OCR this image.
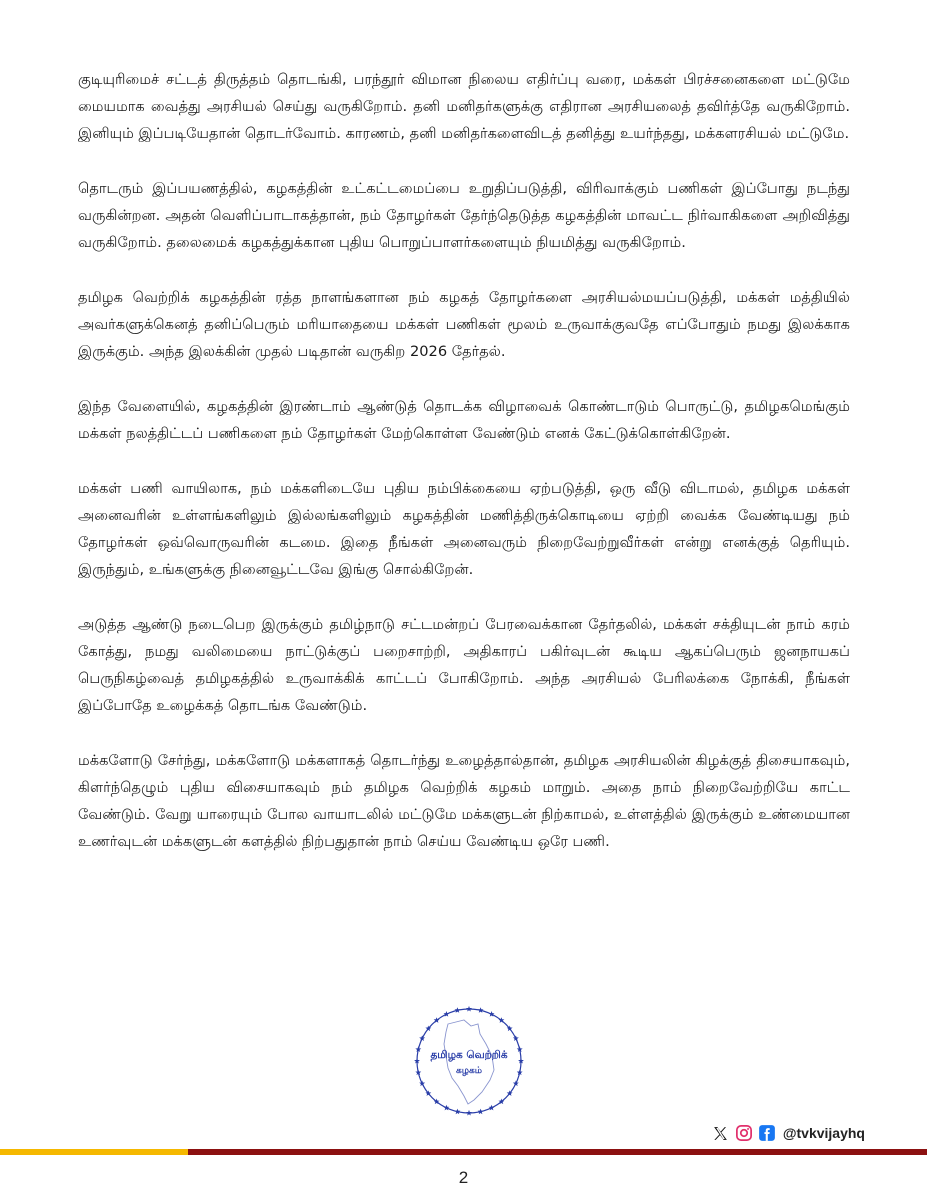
குடியுரிமைச் சட்டத் திருத்தம் தொடங்கி, பரந்தூர் விமான நிலைய எதிர்ப்பு வரை, மக்கள் பிரச்சனைகளை மட்டுமே மையமாக வைத்து அரசியல் செய்து வருகிறோம். தனி மனிதர்களுக்கு எதிரான அரசியலைத் தவிர்த்தே வருகிறோம். இனியும் இப்படியேதான் தொடர்வோம். காரணம், தனி மனிதர்களைவிடத் தனித்து உயர்ந்தது, மக்களரசியல் மட்டுமே.

தொடரும் இப்பயணத்தில், கழகத்தின் உட்கட்டமைப்பை உறுதிப்படுத்தி, விரிவாக்கும் பணிகள் இப்போது நடந்து வருகின்றன. அதன் வெளிப்பாடாகத்தான், நம் தோழர்கள் தேர்ந்தெடுத்த கழகத்தின் மாவட்ட நிர்வாகிகளை அறிவித்து வருகிறோம். தலைமைக் கழகத்துக்கான புதிய பொறுப்பாளர்களையும் நியமித்து வருகிறோம்.

தமிழக வெற்றிக் கழகத்தின் ரத்த நாளங்களான நம் கழகத் தோழர்களை அரசியல்மயப்படுத்தி, மக்கள் மத்தியில் அவர்களுக்கெனத் தனிப்பெரும் மரியாதையை மக்கள் பணிகள் மூலம் உருவாக்குவதே எப்போதும் நமது இலக்காக இருக்கும். அந்த இலக்கின் முதல் படிதான் வருகிற 2026 தேர்தல்.

இந்த வேளையில், கழகத்தின் இரண்டாம் ஆண்டுத் தொடக்க விழாவைக் கொண்டாடும் பொருட்டு, தமிழகமெங்கும் மக்கள் நலத்திட்டப் பணிகளை நம் தோழர்கள் மேற்கொள்ள வேண்டும் எனக் கேட்டுக்கொள்கிறேன்.

மக்கள் பணி வாயிலாக, நம் மக்களிடையே புதிய நம்பிக்கையை ஏற்படுத்தி, ஒரு வீடு விடாமல், தமிழக மக்கள் அனைவரின் உள்ளங்களிலும் இல்லங்களிலும் கழகத்தின் மணித்திருக்கொடியை ஏற்றி வைக்க வேண்டியது நம் தோழர்கள் ஒவ்வொருவரின் கடமை. இதை நீங்கள் அனைவரும் நிறைவேற்றுவீர்கள் என்று எனக்குத் தெரியும். இருந்தும், உங்களுக்கு நினைவூட்டவே இங்கு சொல்கிறேன்.

அடுத்த ஆண்டு நடைபெற இருக்கும் தமிழ்நாடு சட்டமன்றப் பேரவைக்கான தேர்தலில், மக்கள் சக்தியுடன் நாம் கரம் கோத்து, நமது வலிமையை நாட்டுக்குப் பறைசாற்றி, அதிகாரப் பகிர்வுடன் கூடிய ஆகப்பெரும் ஜனநாயகப் பெருநிகழ்வைத் தமிழகத்தில் உருவாக்கிக் காட்டப் போகிறோம். அந்த அரசியல் பேரிலக்கை நோக்கி, நீங்கள் இப்போதே உழைக்கத் தொடங்க வேண்டும்.

மக்களோடு சேர்ந்து, மக்களோடு மக்களாகத் தொடர்ந்து உழைத்தால்தான், தமிழக அரசியலின் கிழக்குத் திசையாகவும், கிளர்ந்தெழும் புதிய விசையாகவும் நம் தமிழக வெற்றிக் கழகம் மாறும். அதை நாம் நிறைவேற்றியே காட்ட வேண்டும். வேறு யாரையும் போல வாயாடலில் மட்டுமே மக்களுடன் நிற்காமல், உள்ளத்தில் இருக்கும் உண்மையான உணர்வுடன் மக்களுடன் களத்தில் நிற்பதுதான் நாம் செய்ய வேண்டிய ஒரே பணி.

தமிழக வெற்றிக்
கழகம்
@tvkvijayhq
2
